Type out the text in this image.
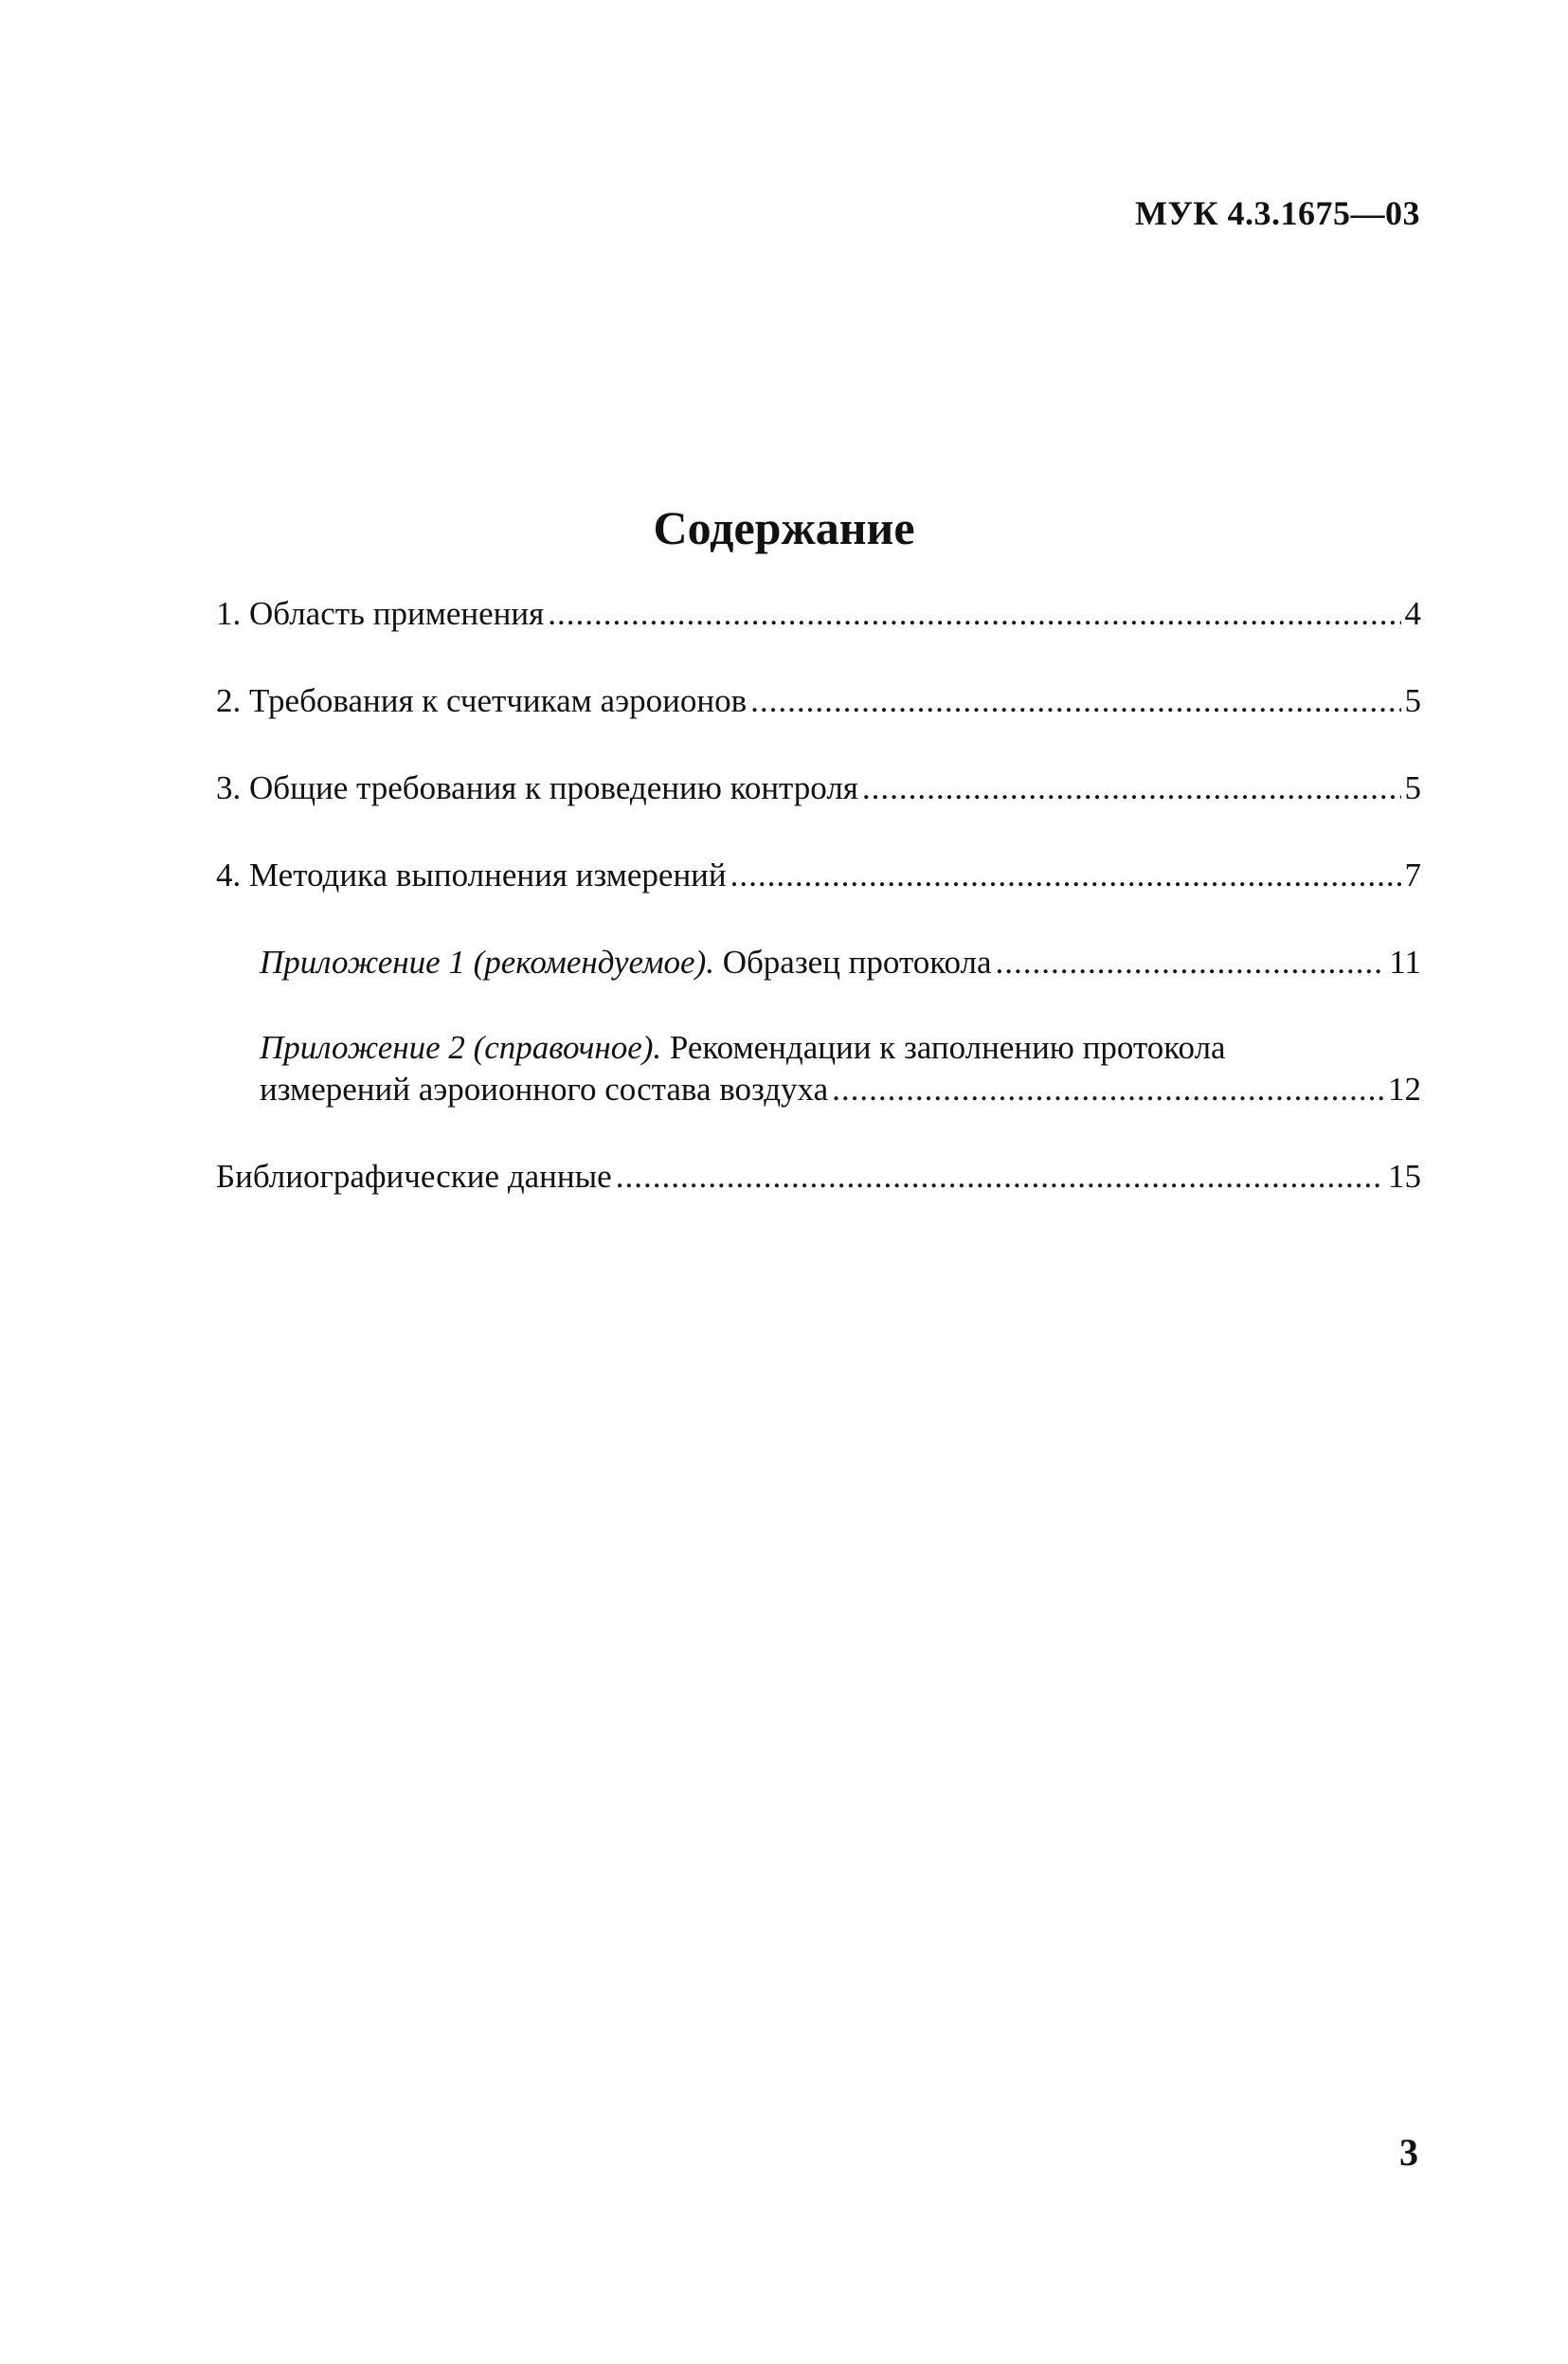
МУК 4.3.1675—03
Содержание
1. Область применения .....	4
2. Требования к счетчикам аэроионов .....	5
3. Общие требования к проведению контроля .....	5
4. Методика выполнения измерений .....	7
Приложение 1 (рекомендуемое). Образец протокола .....	11
Приложение 2 (справочное). Рекомендации к заполнению протокола
измерений аэроионного состава воздуха .....	12
Библиографические данные .....	15
3
